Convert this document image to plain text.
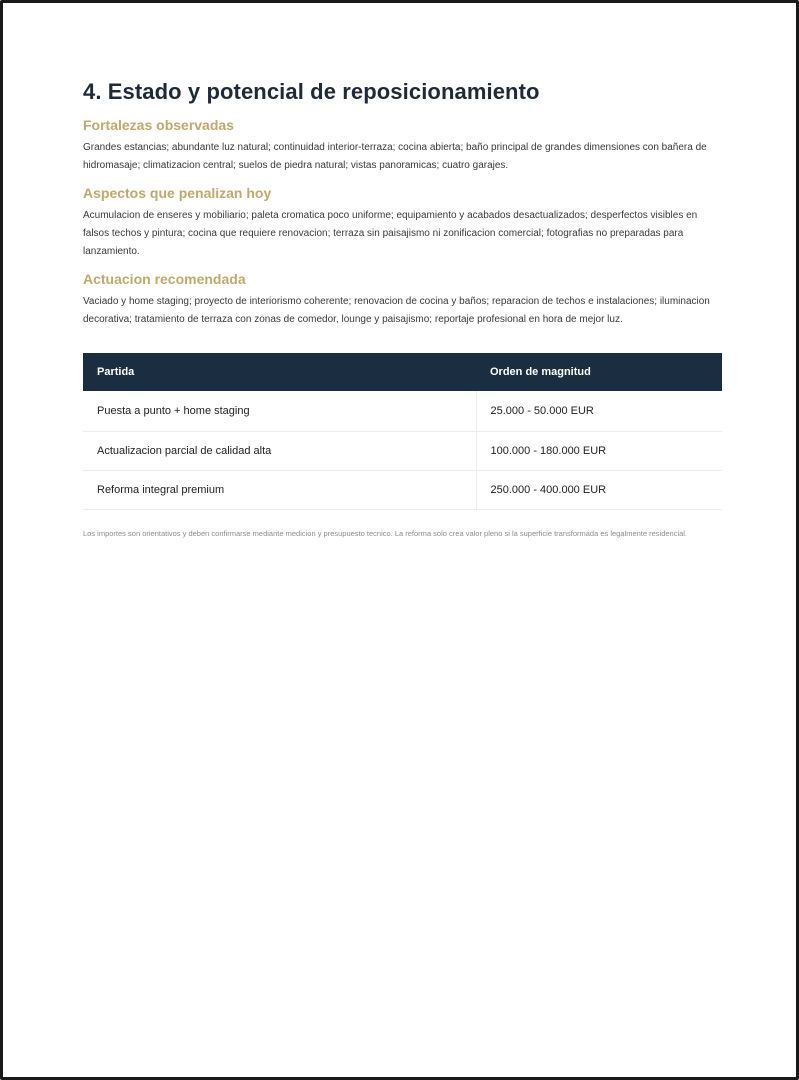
4. Estado y potencial de reposicionamiento
Fortalezas observadas

Grandes estancias; abundante luz natural; continuidad interior-terraza; cocina abierta; baño principal de grandes dimensiones con bañera de hidromasaje; climatizacion central; suelos de piedra natural; vistas panoramicas; cuatro garajes.

Aspectos que penalizan hoy

Acumulacion de enseres y mobiliario; paleta cromatica poco uniforme; equipamiento y acabados desactualizados; desperfectos visibles en falsos techos y pintura; cocina que requiere renovacion; terraza sin paisajismo ni zonificacion comercial; fotografias no preparadas para lanzamiento.

Actuacion recomendada

Vaciado y home staging; proyecto de interiorismo coherente; renovacion de cocina y baños; reparacion de techos e instalaciones; iluminacion decorativa; tratamiento de terraza con zonas de comedor, lounge y paisajismo; reportaje profesional en hora de mejor luz.

Partida	Orden de magnitud
Puesta a punto + home staging	25.000 - 50.000 EUR
Actualizacion parcial de calidad alta	100.000 - 180.000 EUR
Reforma integral premium	250.000 - 400.000 EUR

Los importes son orientativos y deben confirmarse mediante medicion y presupuesto tecnico. La reforma solo crea valor pleno si la superficie transformada es legalmente residencial.
